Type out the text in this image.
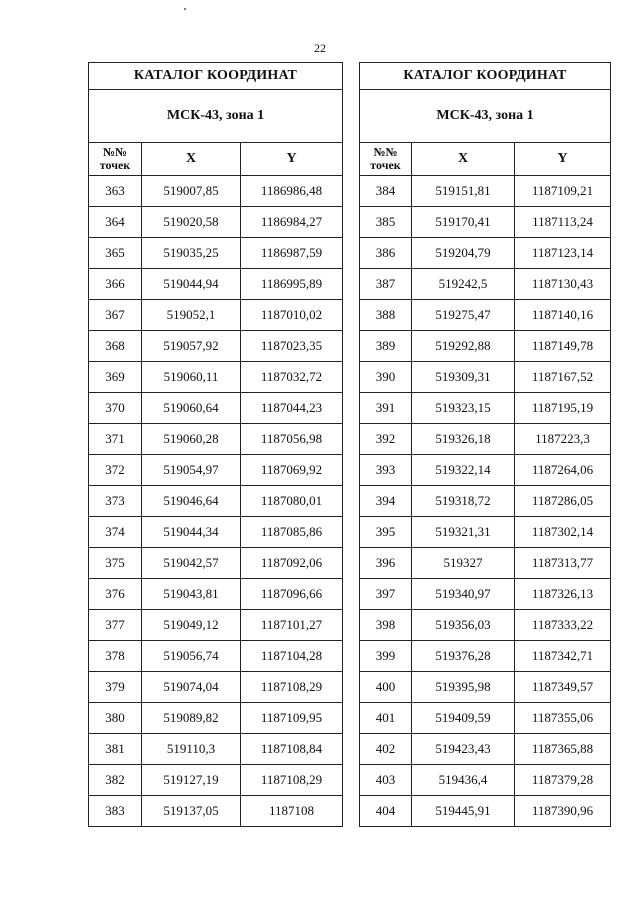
22
КАТАЛОГ КООРДИНАТ		
МСК-43, зона 1		
№№
точек	X	Y
363	519007,85	1186986,48
364	519020,58	1186984,27
365	519035,25	1186987,59
366	519044,94	1186995,89
367	519052,1	1187010,02
368	519057,92	1187023,35
369	519060,11	1187032,72
370	519060,64	1187044,23
371	519060,28	1187056,98
372	519054,97	1187069,92
373	519046,64	1187080,01
374	519044,34	1187085,86
375	519042,57	1187092,06
376	519043,81	1187096,66
377	519049,12	1187101,27
378	519056,74	1187104,28
379	519074,04	1187108,29
380	519089,82	1187109,95
381	519110,3	1187108,84
382	519127,19	1187108,29
383	519137,05	1187108
КАТАЛОГ КООРДИНАТ		
МСК-43, зона 1		
№№
точек	X	Y
384	519151,81	1187109,21
385	519170,41	1187113,24
386	519204,79	1187123,14
387	519242,5	1187130,43
388	519275,47	1187140,16
389	519292,88	1187149,78
390	519309,31	1187167,52
391	519323,15	1187195,19
392	519326,18	1187223,3
393	519322,14	1187264,06
394	519318,72	1187286,05
395	519321,31	1187302,14
396	519327	1187313,77
397	519340,97	1187326,13
398	519356,03	1187333,22
399	519376,28	1187342,71
400	519395,98	1187349,57
401	519409,59	1187355,06
402	519423,43	1187365,88
403	519436,4	1187379,28
404	519445,91	1187390,96
